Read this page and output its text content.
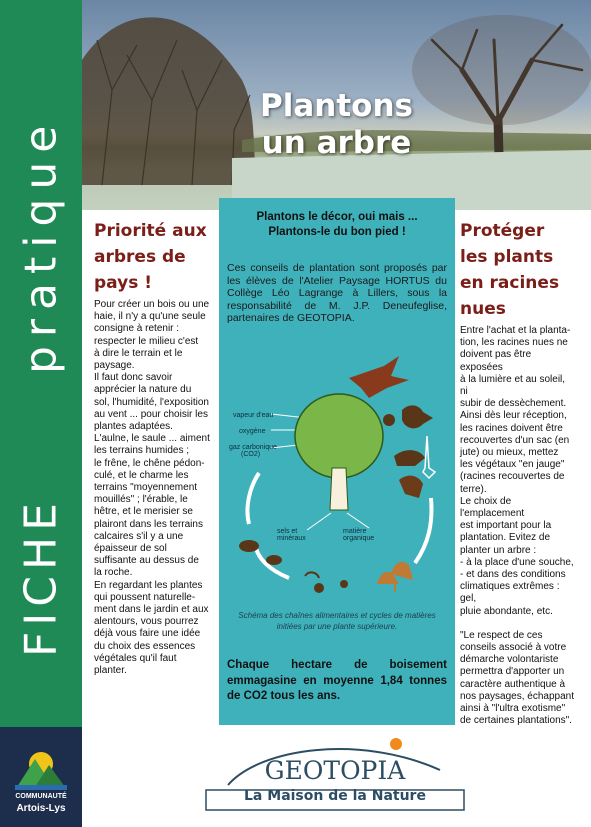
FICHE
pratique
COMMUNAUTÉ
Artois-Lys
Plantons
un arbre
Priorité aux
arbres de
pays !
Pour créer un bois ou une
haie, il n'y a qu'une seule
consigne à retenir :
respecter le milieu c'est
à dire le terrain et le
paysage.
Il faut donc savoir
apprécier la nature du
sol, l'humidité, l'exposition
au vent ... pour choisir les
plantes adaptées.
L'aulne, le saule ... aiment
les terrains humides ;
le frêne, le chêne pédon-
culé, et le charme les
terrains "moyennement
mouillés" ; l'érable, le
hêtre, et le merisier se
plairont dans les terrains
calcaires s'il y a une
épaisseur de sol
suffisante au dessus de
la roche.
En regardant les plantes
qui poussent naturelle-
ment dans le jardin et aux
alentours, vous pourrez
déjà vous faire une idée
du choix des essences
végétales qu'il faut
planter.
Plantons le décor, oui mais ...
Plantons-le du bon pied !
Ces conseils de plantation sont proposés par les élèves de l'Atelier Paysage HORTUS du Collège Léo Lagrange à Lillers, sous la responsabilité de M. J.P. Deneufeglise, partenaires de GEOTOPIA.
vapeur d'eau
oxygène
gaz carbonique
(CO2)
sels et
minéraux
matière
organique
Schéma des chaînes alimentaires et cycles de matières
initiées par une plante supérieure.
Chaque hectare de boisement emmagasine en moyenne 1,84 tonnes de CO2 tous les ans.
Protéger
les plants
en racines
nues
Entre l'achat et la planta-
tion, les racines nues ne
doivent pas être exposées
à la lumière et au soleil, ni
subir de dessèchement.
Ainsi dès leur réception,
les racines doivent être
recouvertes d'un sac (en
jute) ou mieux, mettez
les végétaux "en jauge"
(racines recouvertes de
terre).
Le choix de l'emplacement
est important pour la
plantation. Evitez de
planter un arbre :
- à la place d'une souche,
- et dans des conditions
climatiques extrêmes : gel,
pluie abondante, etc.
"Le respect de ces
conseils associé à votre
démarche volontariste
permettra d'apporter un
caractère authentique à
nos paysages, échappant
ainsi à "l'ultra exotisme"
de certaines plantations".
GEOTOPIA
La Maison de la Nature
